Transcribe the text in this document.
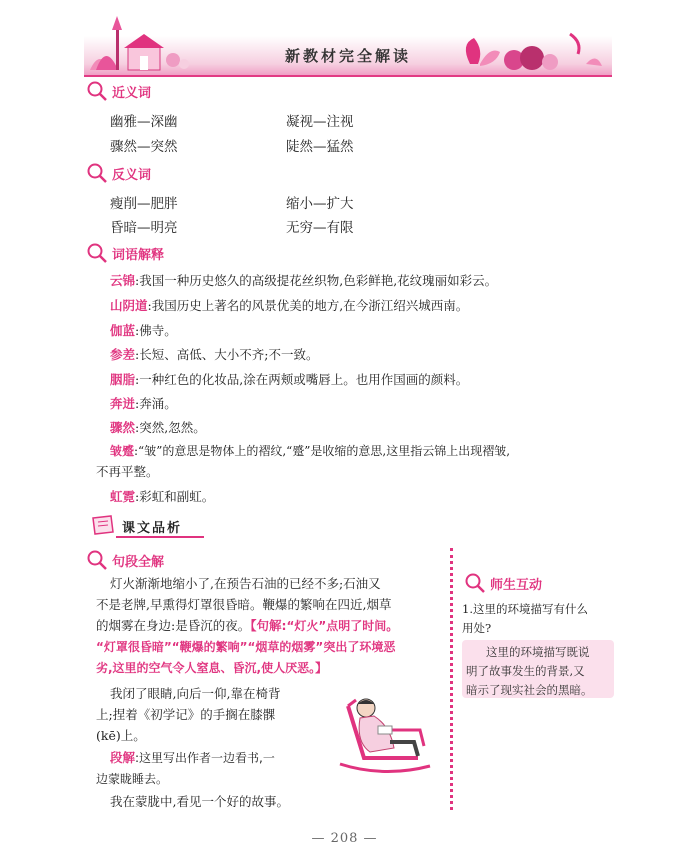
新教材完全解读
近义词
幽雅—深幽	凝视—注视
骤然—突然	陡然—猛然
反义词
瘦削—肥胖	缩小—扩大
昏暗—明亮	无穷—有限
词语解释
云锦:我国一种历史悠久的高级提花丝织物,色彩鲜艳,花纹瑰丽如彩云。
山阴道:我国历史上著名的风景优美的地方,在今浙江绍兴城西南。
伽蓝:佛寺。
参差:长短、高低、大小不齐;不一致。
胭脂:一种红色的化妆品,涂在两颊或嘴唇上。也用作国画的颜料。
奔迸:奔涌。
骤然:突然,忽然。
皱蹙:“皱”的意思是物体上的褶纹,“蹙”是收缩的意思,这里指云锦上出现褶皱,
不再平整。
虹霓:彩虹和副虹。
课文品析
句段全解
灯火渐渐地缩小了,在预告石油的已经不多;石油又
不是老牌,早熏得灯罩很昏暗。鞭爆的繁响在四近,烟草
的烟雾在身边:是昏沉的夜。【句解:“灯火”点明了时间。
“灯罩很昏暗”“鞭爆的繁响”“烟草的烟雾”突出了环境恶
劣,这里的空气令人窒息、昏沉,使人厌恶。】
我闭了眼睛,向后一仰,靠在椅背
上;捏着《初学记》的手搁在膝髁
(kē)上。
段解:这里写出作者一边看书,一
边蒙眬睡去。
我在蒙胧中,看见一个好的故事。
师生互动
1.这里的环境描写有什么
用处?
这里的环境描写既说
明了故事发生的背景,又
暗示了现实社会的黑暗。
— 208 —
